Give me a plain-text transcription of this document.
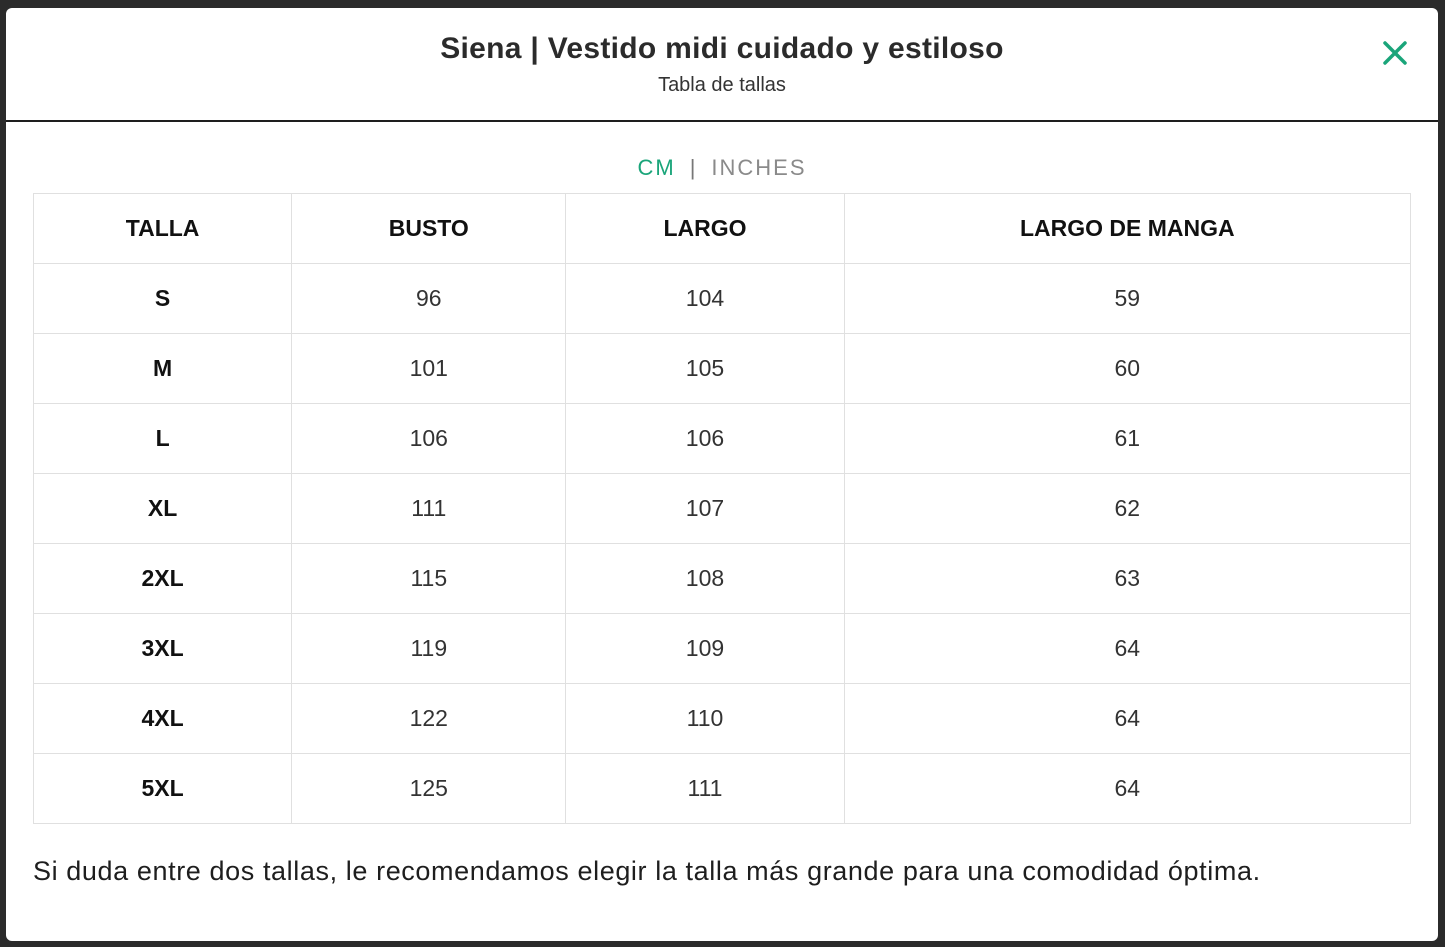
Siena | Vestido midi cuidado y estiloso
Tabla de tallas
CM | INCHES
TALLA	BUSTO	LARGO	LARGO DE MANGA
S	96	104	59
M	101	105	60
L	106	106	61
XL	111	107	62
2XL	115	108	63
3XL	119	109	64
4XL	122	110	64
5XL	125	111	64
Si duda entre dos tallas, le recomendamos elegir la talla más grande para una comodidad óptima.
